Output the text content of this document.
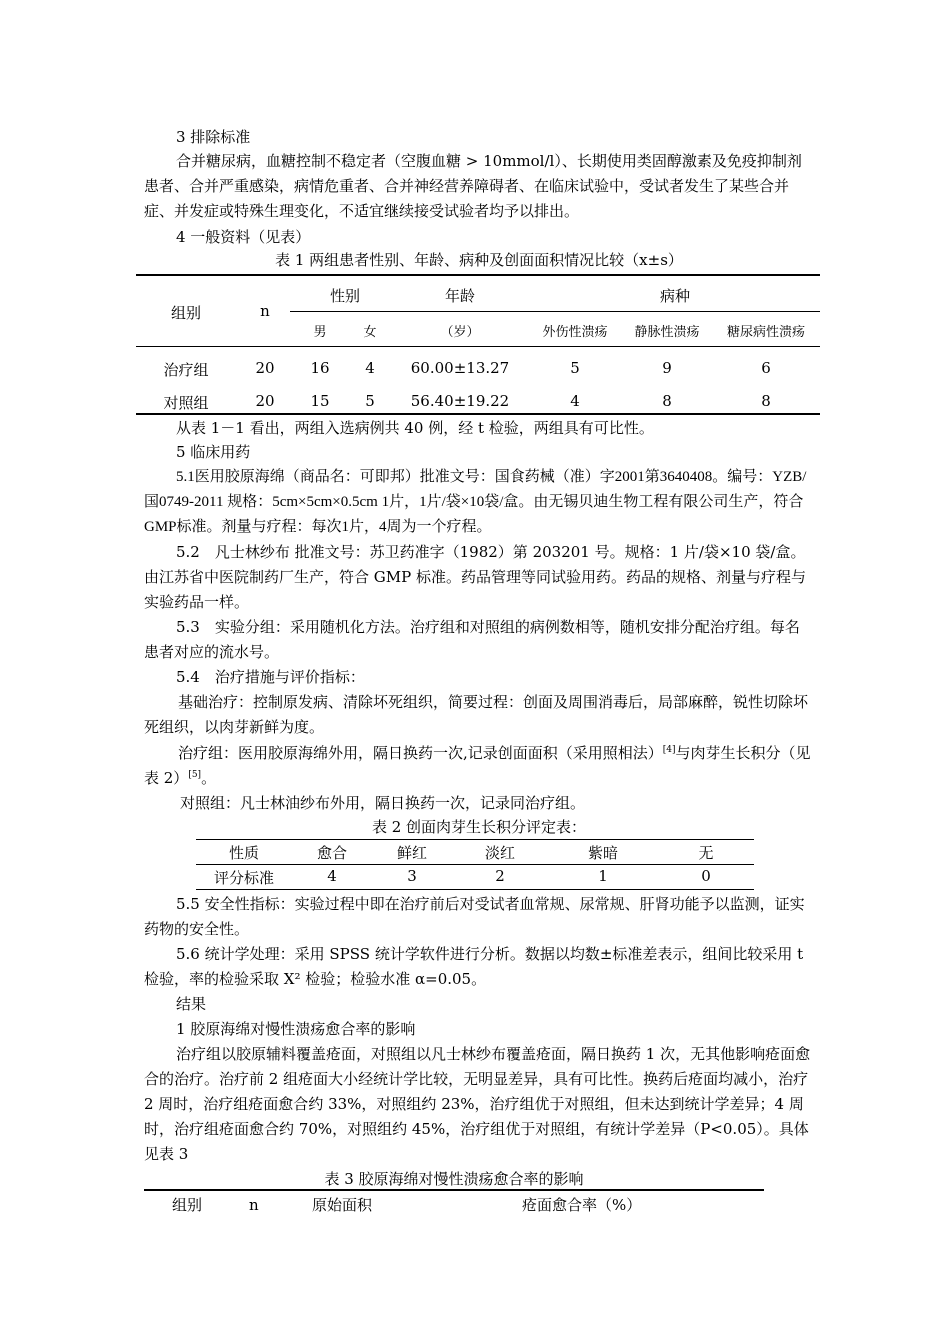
3 排除标准

合并糖尿病，血糖控制不稳定者（空腹血糖 > 10mmol/l）、长期使用类固醇激素及免疫抑制剂患者、合并严重感染，病情危重者、合并神经营养障碍者、在临床试验中，受试者发生了某些合并症、并发症或特殊生理变化，不适宜继续接受试验者均予以排出。

4 一般资料（见表）
表 1 两组患者性别、年龄、病种及创面面积情况比较（x±s）
组别	n
性别	年龄	病种
男	女	（岁）	外伤性溃疡	静脉性溃疡	糖尿病性溃疡
治疗组	20	16	4	60.00±13.27	5	9	6
对照组	20	15	5	56.40±19.22	4	8	8
从表 1－1 看出，两组入选病例共 40 例，经 t 检验，两组具有可比性。
5 临床用药

5.1医用胶原海绵（商品名：可即邦）批准文号：国食药械（准）字2001第3640408。编号：YZB/国0749-2011 规格：5cm×5cm×0.5cm 1片，1片/袋×10袋/盒。由无锡贝迪生物工程有限公司生产，符合GMP标准。剂量与疗程：每次1片，4周为一个疗程。

5.2　凡士林纱布 批准文号：苏卫药准字（1982）第 203201 号。规格：1 片/袋×10 袋/盒。由江苏省中医院制药厂生产，符合 GMP 标准。药品管理等同试验用药。药品的规格、剂量与疗程与实验药品一样。

5.3　实验分组：采用随机化方法。治疗组和对照组的病例数相等，随机安排分配治疗组。每名患者对应的流水号。

5.4　治疗措施与评价指标：

基础治疗：控制原发病、清除坏死组织，简要过程：创面及周围消毒后，局部麻醉，锐性切除坏死组织，以肉芽新鲜为度。

治疗组：医用胶原海绵外用，隔日换药一次,记录创面面积（采用照相法）[4]与肉芽生长积分（见表 2）[5]。

对照组：凡士林油纱布外用，隔日换药一次，记录同治疗组。
表 2 创面肉芽生长积分评定表：
性质	愈合	鲜红	淡红	紫暗	无
评分标准	4	3	2	1	0

5.5 安全性指标：实验过程中即在治疗前后对受试者血常规、尿常规、肝肾功能予以监测，证实药物的安全性。

5.6 统计学处理：采用 SPSS 统计学软件进行分析。数据以均数±标准差表示，组间比较采用 t 检验，率的检验采取 X² 检验；检验水准 α=0.05。

结果
1 胶原海绵对慢性溃疡愈合率的影响

治疗组以胶原辅料覆盖疮面，对照组以凡士林纱布覆盖疮面，隔日换药 1 次，无其他影响疮面愈合的治疗。治疗前 2 组疮面大小经统计学比较，无明显差异，具有可比性。换药后疮面均减小，治疗 2 周时，治疗组疮面愈合约 33%，对照组约 23%，治疗组优于对照组，但未达到统计学差异；4 周时，治疗组疮面愈合约 70%，对照组约 45%，治疗组优于对照组，有统计学差异（P<0.05）。具体见表 3

表 3 胶原海绵对慢性溃疡愈合率的影响
组别	n	原始面积	疮面愈合率（%）
